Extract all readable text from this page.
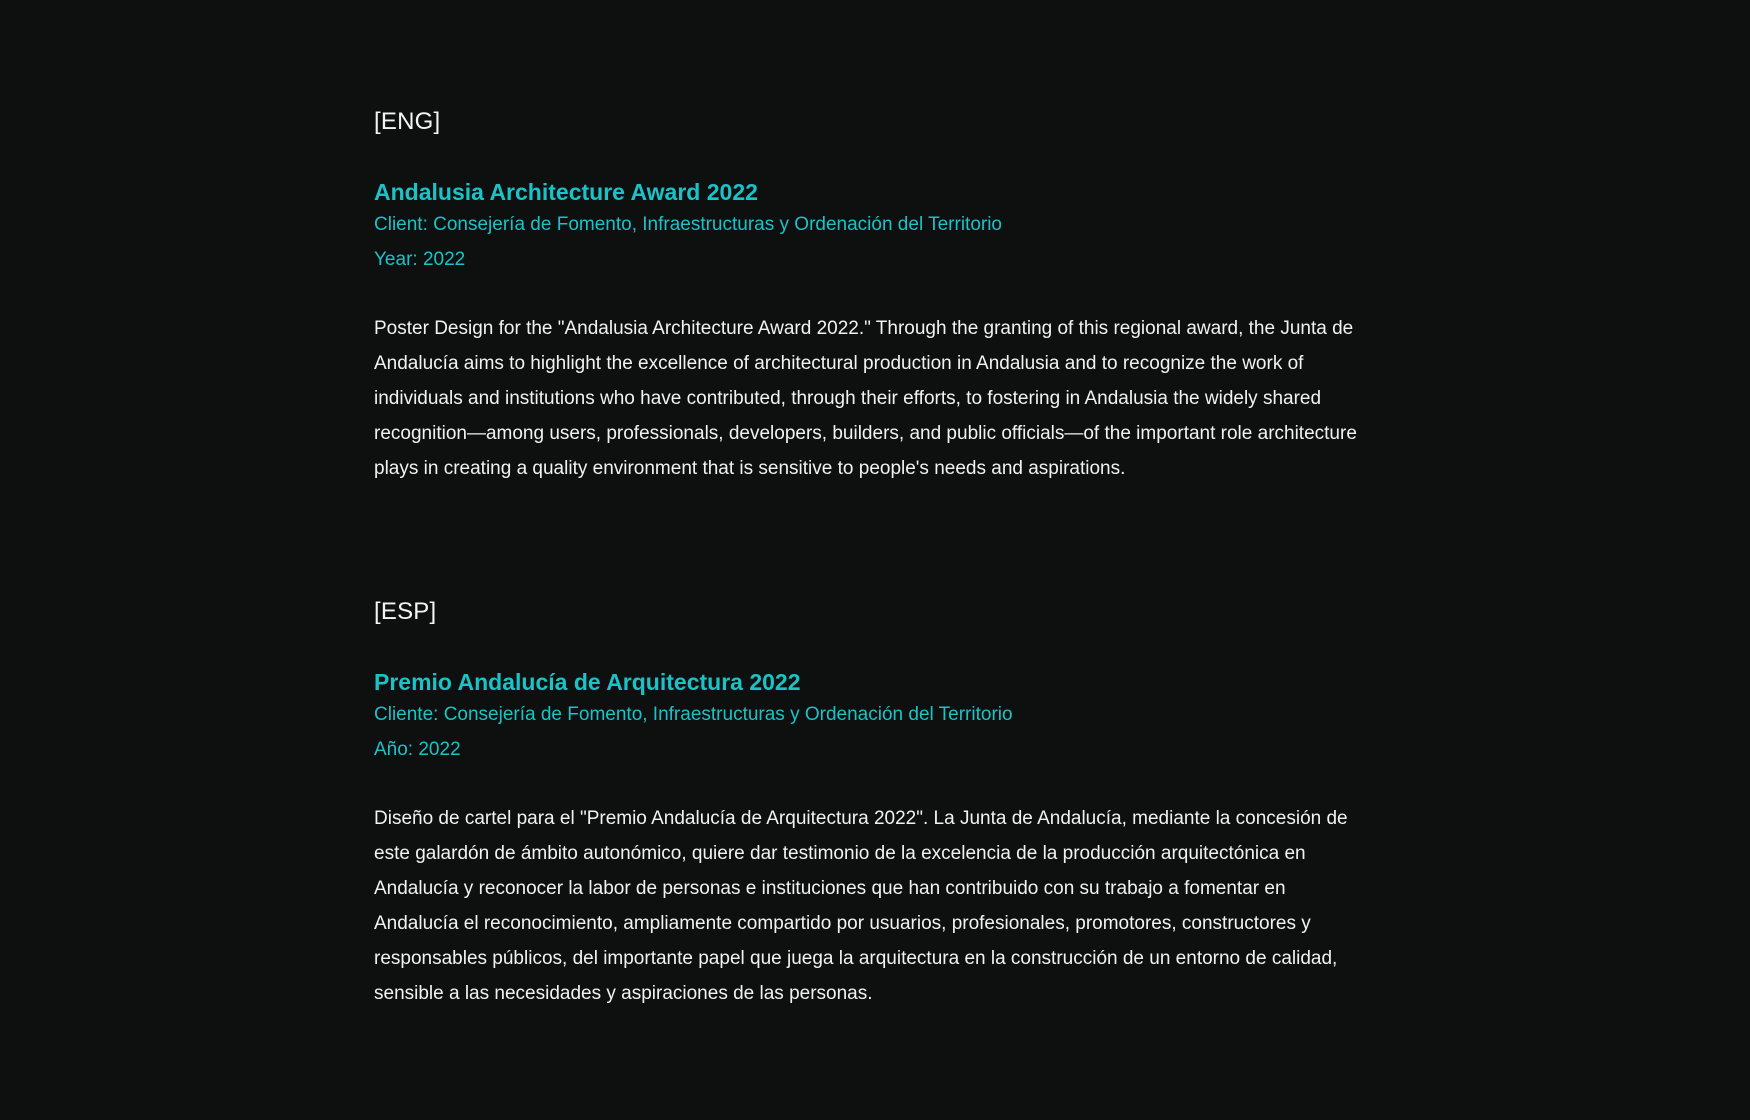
[ENG]

Andalusia Architecture Award 2022

Client: Consejería de Fomento, Infraestructuras y Ordenación del Territorio

Year: 2022

Poster Design for the "Andalusia Architecture Award 2022." Through the granting of this regional award, the Junta de Andalucía aims to highlight the excellence of architectural production in Andalusia and to recognize the work of individuals and institutions who have contributed, through their efforts, to fostering in Andalusia the widely shared recognition—among users, professionals, developers, builders, and public officials—of the important role architecture plays in creating a quality environment that is sensitive to people's needs and aspirations.

[ESP]

Premio Andalucía de Arquitectura 2022

Cliente: Consejería de Fomento, Infraestructuras y Ordenación del Territorio

Año: 2022

Diseño de cartel para el "Premio Andalucía de Arquitectura 2022". La Junta de Andalucía, mediante la concesión de este galardón de ámbito autonómico, quiere dar testimonio de la excelencia de la producción arquitectónica en Andalucía y reconocer la labor de personas e instituciones que han contribuido con su trabajo a fomentar en Andalucía el reconocimiento, ampliamente compartido por usuarios, profesionales, promotores, constructores y responsables públicos, del importante papel que juega la arquitectura en la construcción de un entorno de calidad, sensible a las necesidades y aspiraciones de las personas.
